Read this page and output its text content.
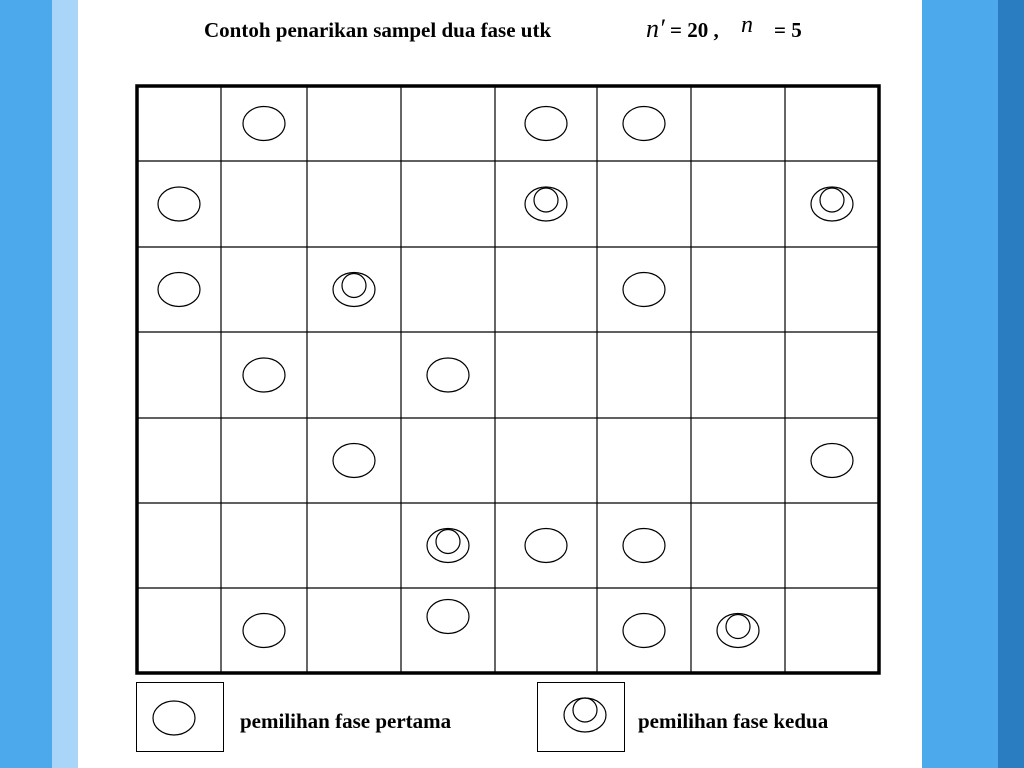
Contoh penarikan sampel dua fase utk	n′ = 20 , n = 5
pemilihan fase pertama	pemilihan fase kedua
